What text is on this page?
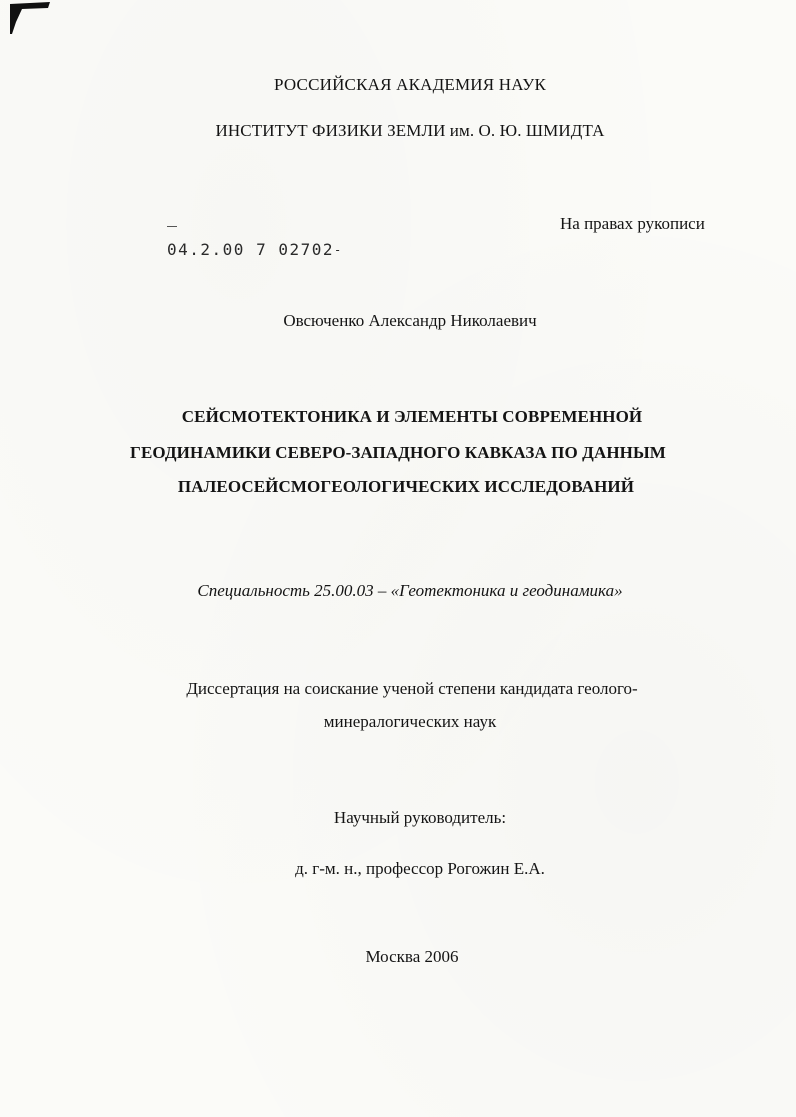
РОССИЙСКАЯ АКАДЕМИЯ НАУК
ИНСТИТУТ ФИЗИКИ ЗЕМЛИ им. О. Ю. ШМИДТА
На правах рукописи
04.2.00 7 02702‑
Овсюченко Александр Николаевич
СЕЙСМОТЕКТОНИКА И ЭЛЕМЕНТЫ СОВРЕМЕННОЙ
ГЕОДИНАМИКИ СЕВЕРО-ЗАПАДНОГО КАВКАЗА ПО ДАННЫМ
ПАЛЕОСЕЙСМОГЕОЛОГИЧЕСКИХ ИССЛЕДОВАНИЙ
Специальность 25.00.03 – «Геотектоника и геодинамика»
Диссертация на соискание ученой степени кандидата геолого-
минералогических наук
Научный руководитель:
д. г-м. н., профессор Рогожин Е.А.
Москва 2006
